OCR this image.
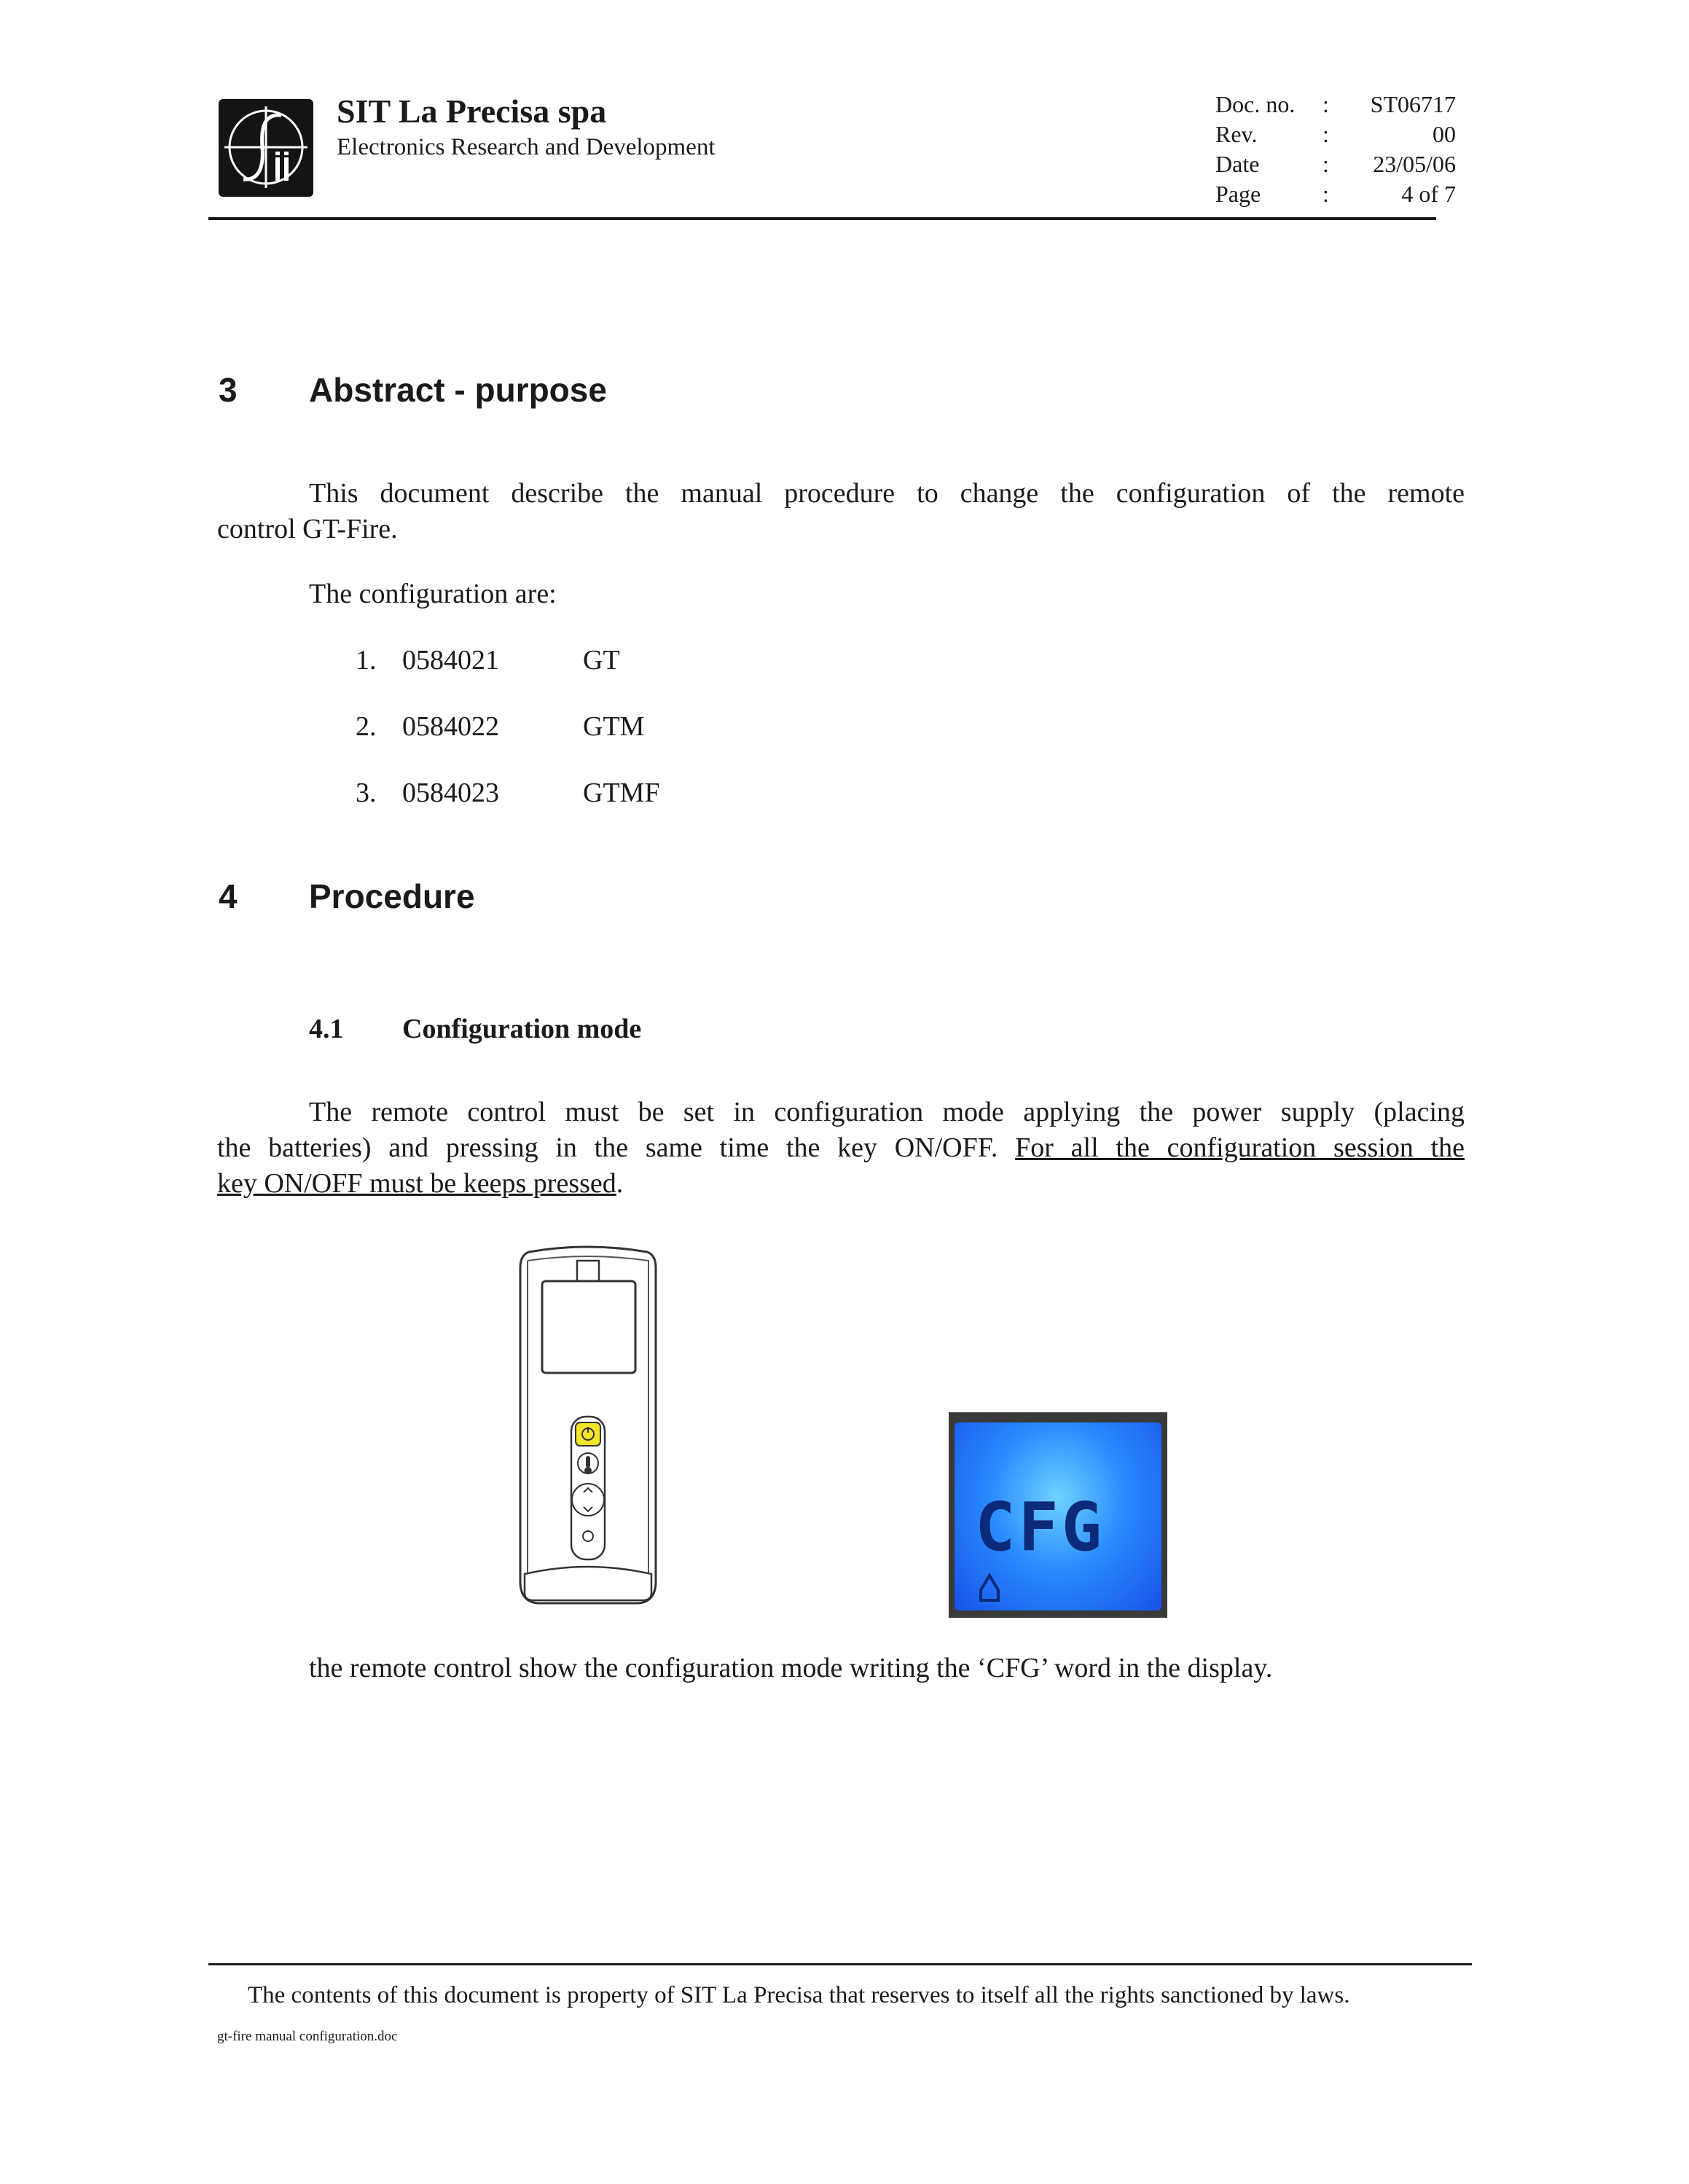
SIT La Precisa spa
Electronics Research and Development
Doc. no. : ST06717
Rev.	:	00
Date	: 23/05/06
Page	:	4 of 7
3 Abstract - purpose
This document describe the manual procedure to change the configuration of the remote
control GT-Fire.
The configuration are:
1. 0584021	GT
2. 0584022	GTM
3. 0584023	GTMF
4 Procedure
4.1 Configuration mode
The remote control must be set in configuration mode applying the power supply (placing
the batteries) and pressing in the same time the key ON/OFF. For all the configuration session the
key ON/OFF must be keeps pressed.
CFG
the remote control show the configuration mode writing the ‘CFG’ word in the display.
The contents of this document is property of SIT La Precisa that reserves to itself all the rights sanctioned by laws.
gt-fire manual configuration.doc
